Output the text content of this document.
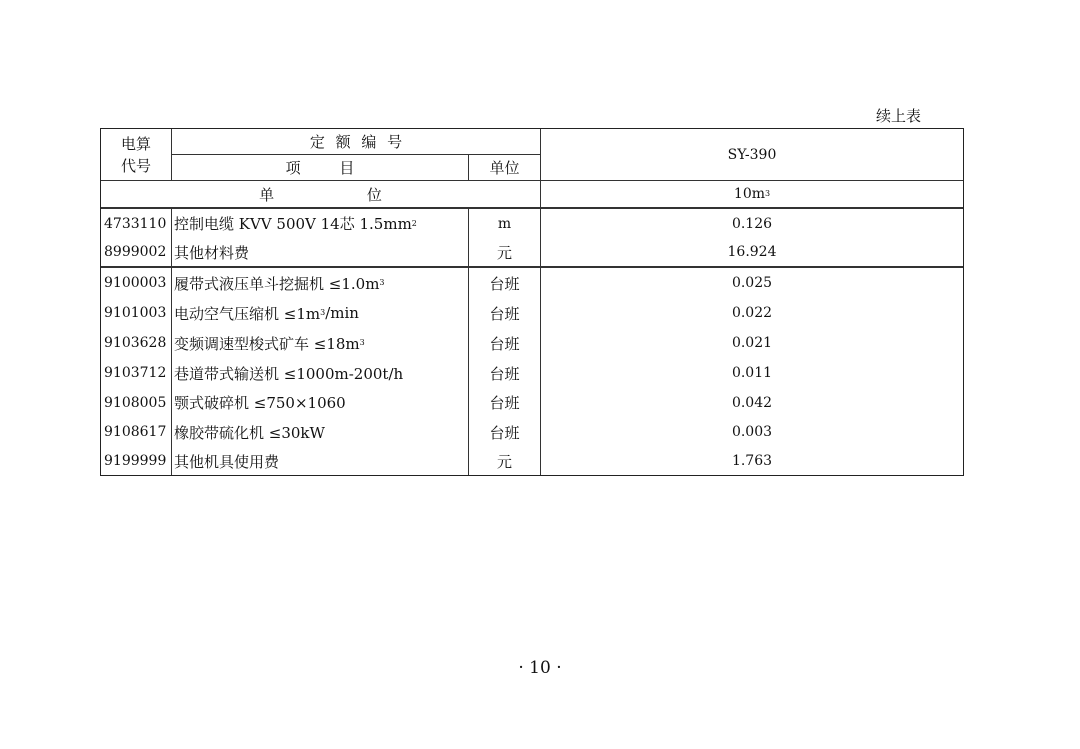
续上表
电算
代号
定 额 编 号
SY-390
项 目	单位
单 位	10m 3
4733110 控制电缆 KVV 500V 14芯 1.5mm 2	m	0.126
8999002 其他材料费	元	16.924
9100003 履带式液压单斗挖掘机 ≤1.0m 3	台班	0.025
9101003 电动空气压缩机 ≤1m 3 /min	台班	0.022
9103628 变频调速型梭式矿车 ≤18m 3	台班	0.021
9103712 巷道带式输送机 ≤1000m-200t/h	台班	0.011
9108005 颚式破碎机 ≤750×1060	台班	0.042
9108617 橡胶带硫化机 ≤30kW	台班	0.003
9199999 其他机具使用费	元	1.763
· 10 ·
